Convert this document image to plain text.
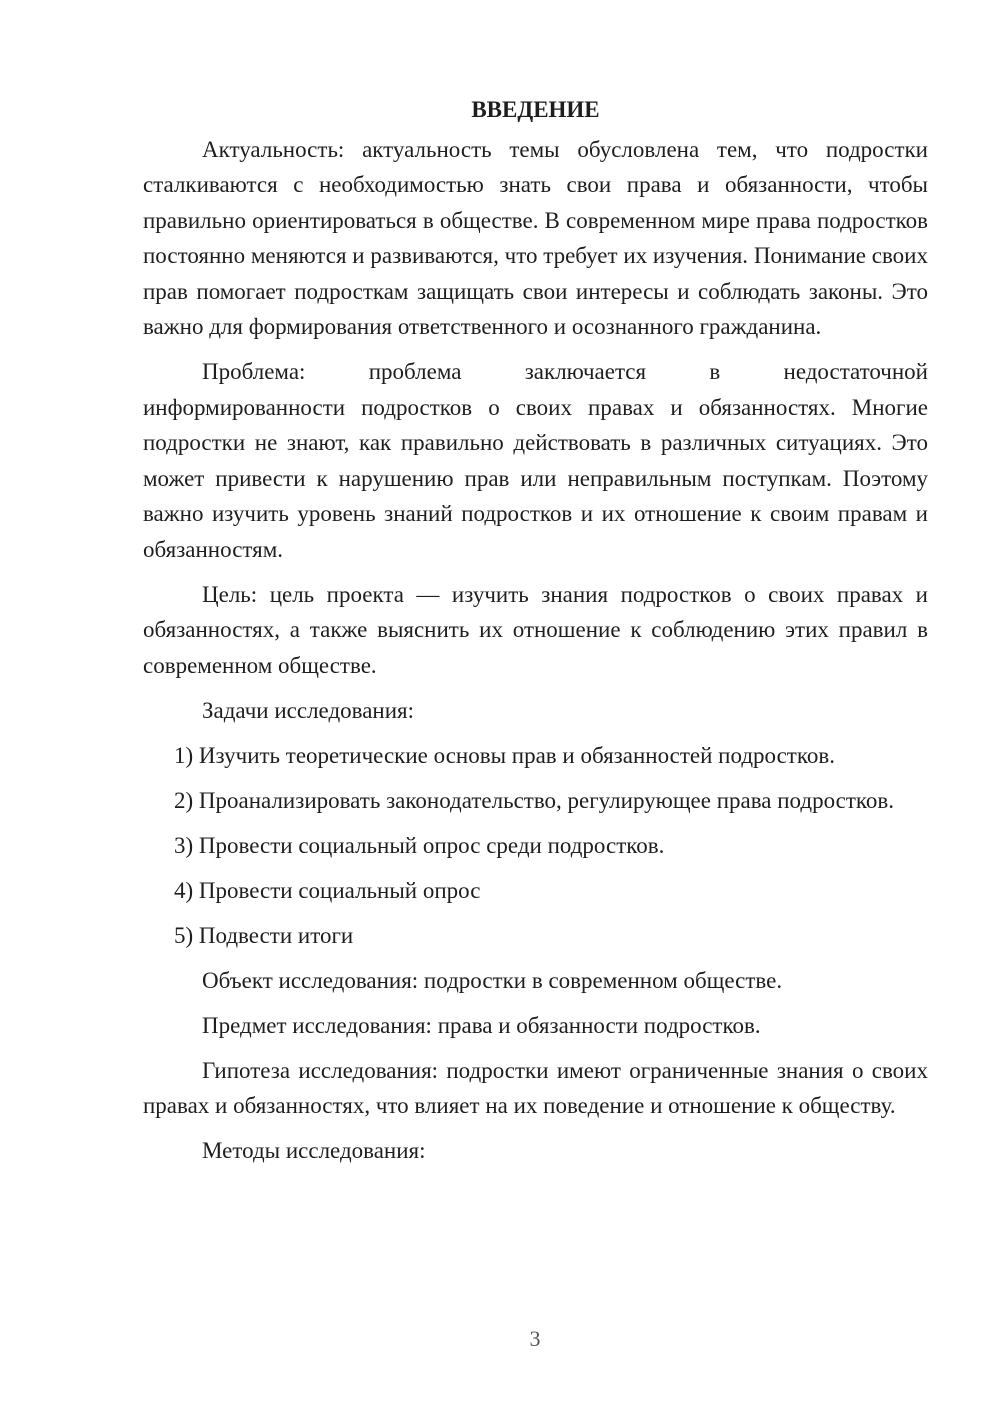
ВВЕДЕНИЕ

Актуальность: актуальность темы обусловлена тем, что подростки сталкиваются с необходимостью знать свои права и обязанности, чтобы правильно ориентироваться в обществе. В современном мире права подростков постоянно меняются и развиваются, что требует их изучения. Понимание своих прав помогает подросткам защищать свои интересы и соблюдать законы. Это важно для формирования ответственного и осознанного гражданина.

Проблема: проблема заключается в недостаточной
информированности подростков о своих правах и обязанностях. Многие подростки не знают, как правильно действовать в различных ситуациях. Это может привести к нарушению прав или неправильным поступкам. Поэтому важно изучить уровень знаний подростков и их отношение к своим правам и обязанностям.

Цель: цель проекта — изучить знания подростков о своих правах и обязанностях, а также выяснить их отношение к соблюдению этих правил в современном обществе.

Задачи исследования:

1) Изучить теоретические основы прав и обязанностей подростков.

2) Проанализировать законодательство, регулирующее права подростков.

3) Провести социальный опрос среди подростков.

4) Провести социальный опрос

5) Подвести итоги

Объект исследования: подростки в современном обществе.

Предмет исследования: права и обязанности подростков.

Гипотеза исследования: подростки имеют ограниченные знания о своих правах и обязанностях, что влияет на их поведение и отношение к обществу.

Методы исследования:

3
